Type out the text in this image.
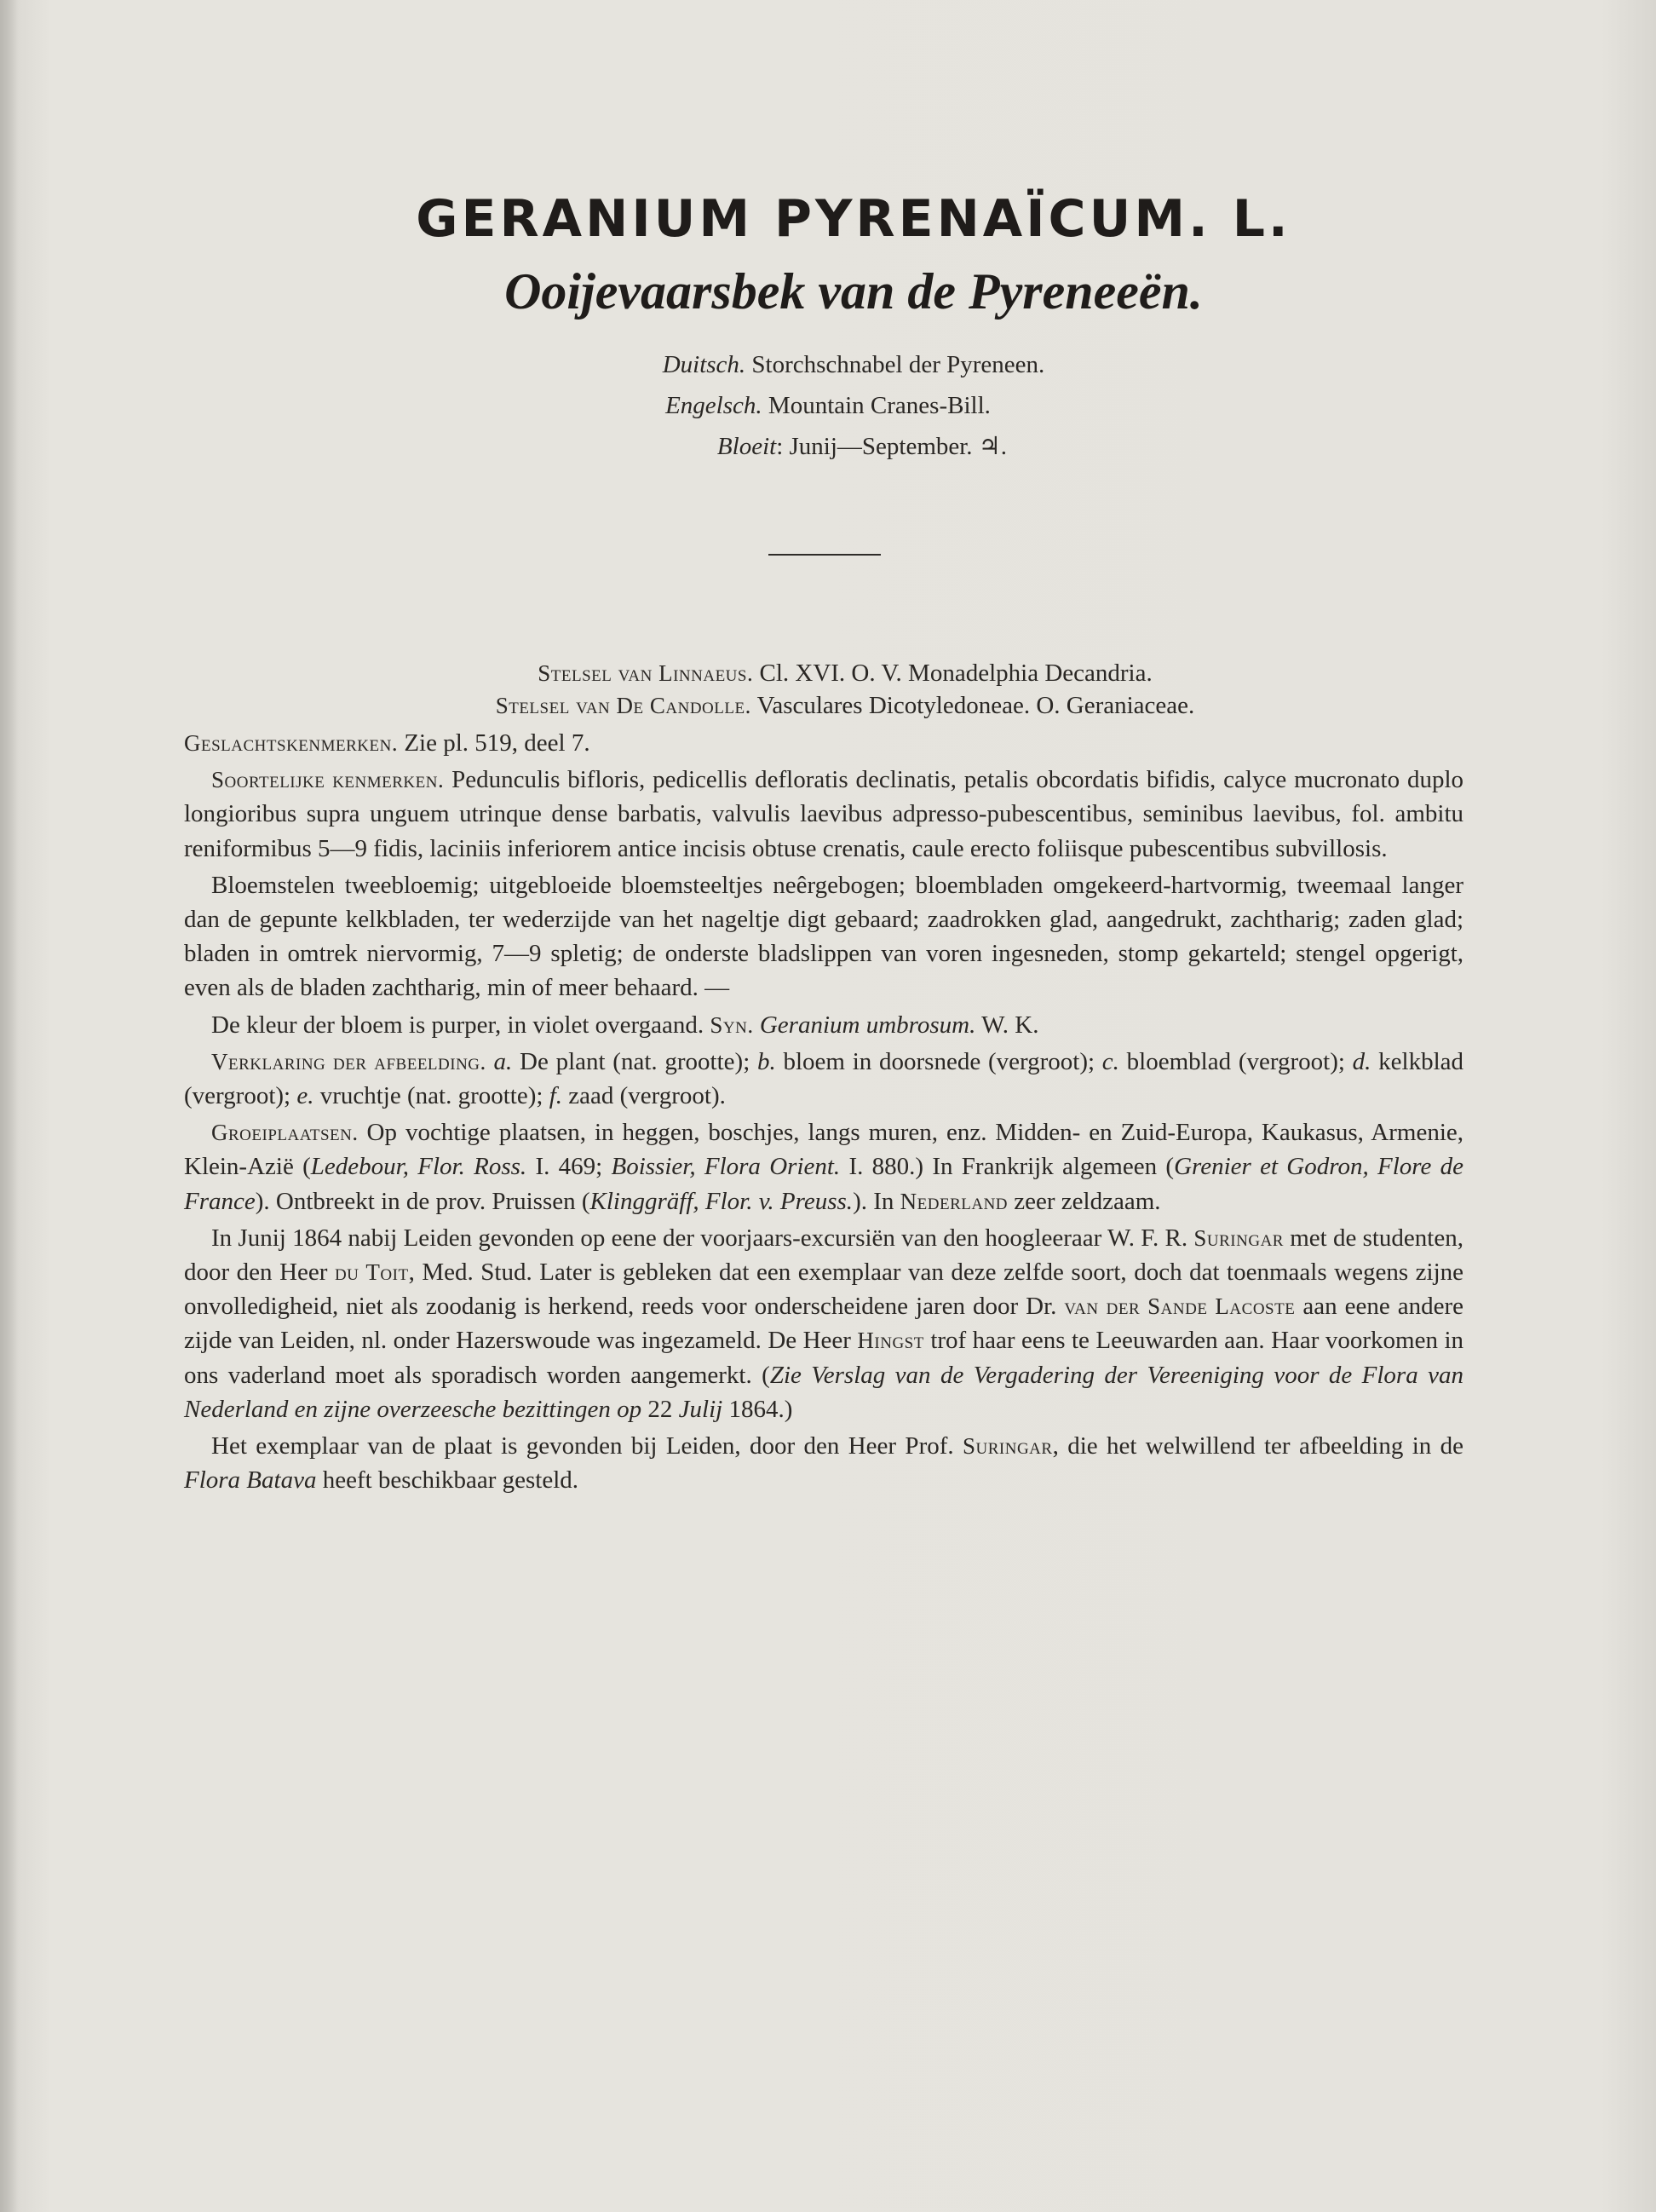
GERANIUM PYRENAÏCUM. L.
Ooijevaarsbek van de Pyreneeën.
Duitsch. Storchschnabel der Pyreneen.
Engelsch. Mountain Cranes-Bill.
Bloeit: Junij—September. ♃.
Stelsel van Linnaeus. Cl. XVI. O. V. Monadelphia Decandria.
Stelsel van De Candolle. Vasculares Dicotyledoneae. O. Geraniaceae.

Geslachtskenmerken. Zie pl. 519, deel 7.

Soortelijke kenmerken. Pedunculis bifloris, pedicellis defloratis declinatis, petalis obcordatis bifidis, calyce mucronato duplo longioribus supra unguem utrinque dense barbatis, valvulis laevibus adpresso-pubescentibus, seminibus laevibus, fol. ambitu reniformibus 5—9 fidis, laciniis inferiorem antice incisis obtuse crenatis, caule erecto foliisque pubescentibus subvillosis.

Bloemstelen tweebloemig; uitgebloeide bloemsteeltjes neêrgebogen; bloembladen omgekeerd-hartvormig, tweemaal langer dan de gepunte kelkbladen, ter wederzijde van het nageltje digt gebaard; zaadrokken glad, aangedrukt, zachtharig; zaden glad; bladen in omtrek niervormig, 7—9 spletig; de onderste bladslippen van voren ingesneden, stomp gekarteld; stengel opgerigt, even als de bladen zachtharig, min of meer behaard. —

De kleur der bloem is purper, in violet overgaand. Syn. Geranium umbrosum. W. K.

Verklaring der afbeelding. a. De plant (nat. grootte); b. bloem in doorsnede (vergroot); c. bloemblad (vergroot); d. kelkblad (vergroot); e. vruchtje (nat. grootte); f. zaad (vergroot).

Groeiplaatsen. Op vochtige plaatsen, in heggen, boschjes, langs muren, enz. Midden- en Zuid-Europa, Kaukasus, Armenie, Klein-Azië (Ledebour, Flor. Ross. I. 469; Boissier, Flora Orient. I. 880.) In Frankrijk algemeen (Grenier et Godron, Flore de France). Ontbreekt in de prov. Pruissen (Klinggräff, Flor. v. Preuss.). In Nederland zeer zeldzaam.

In Junij 1864 nabij Leiden gevonden op eene der voorjaars-excursiën van den hoogleeraar W. F. R. Suringar met de studenten, door den Heer du Toit, Med. Stud. Later is gebleken dat een exemplaar van deze zelfde soort, doch dat toenmaals wegens zijne onvolledigheid, niet als zoodanig is herkend, reeds voor onderscheidene jaren door Dr. van der Sande Lacoste aan eene andere zijde van Leiden, nl. onder Hazerswoude was ingezameld. De Heer Hingst trof haar eens te Leeuwarden aan. Haar voorkomen in ons vaderland moet als sporadisch worden aangemerkt. (Zie Verslag van de Vergadering der Vereeniging voor de Flora van Nederland en zijne overzeesche bezittingen op 22 Julij 1864.)

Het exemplaar van de plaat is gevonden bij Leiden, door den Heer Prof. Suringar, die het welwillend ter afbeelding in de Flora Batava heeft beschikbaar gesteld.
